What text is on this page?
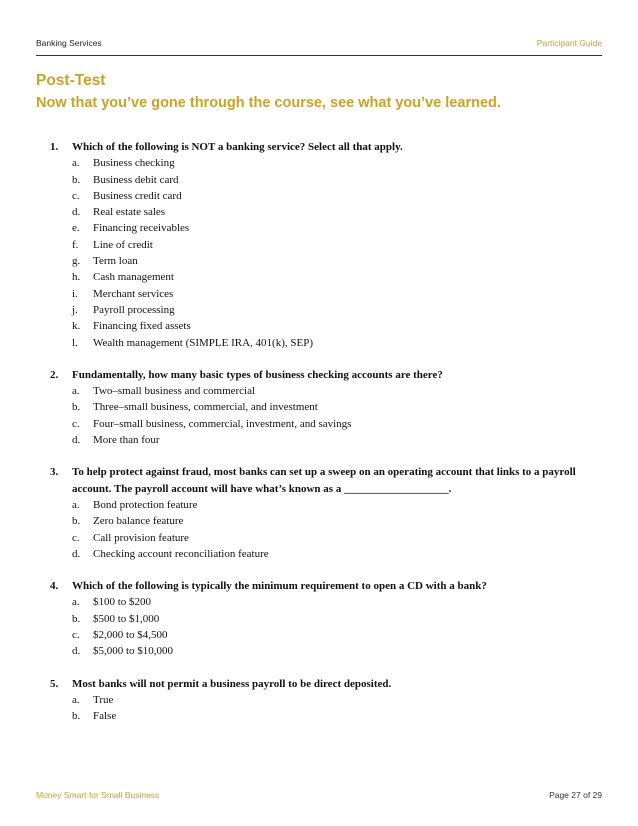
Banking Services	Participant Guide
Post-Test
Now that you’ve gone through the course, see what you’ve learned.
1. Which of the following is NOT a banking service? Select all that apply.
a. Business checking
b. Business debit card
c. Business credit card
d. Real estate sales
e. Financing receivables
f. Line of credit
g. Term loan
h. Cash management
i. Merchant services
j. Payroll processing
k. Financing fixed assets
l. Wealth management (SIMPLE IRA, 401(k), SEP)
2. Fundamentally, how many basic types of business checking accounts are there?
a. Two–small business and commercial
b. Three–small business, commercial, and investment
c. Four–small business, commercial, investment, and savings
d. More than four
3. To help protect against fraud, most banks can set up a sweep on an operating account that links to a payroll account. The payroll account will have what’s known as a ___________________.
a. Bond protection feature
b. Zero balance feature
c. Call provision feature
d. Checking account reconciliation feature
4. Which of the following is typically the minimum requirement to open a CD with a bank?
a. $100 to $200
b. $500 to $1,000
c. $2,000 to $4,500
d. $5,000 to $10,000
5. Most banks will not permit a business payroll to be direct deposited.
a. True
b. False
Money Smart for Small Business	Page 27 of 29
